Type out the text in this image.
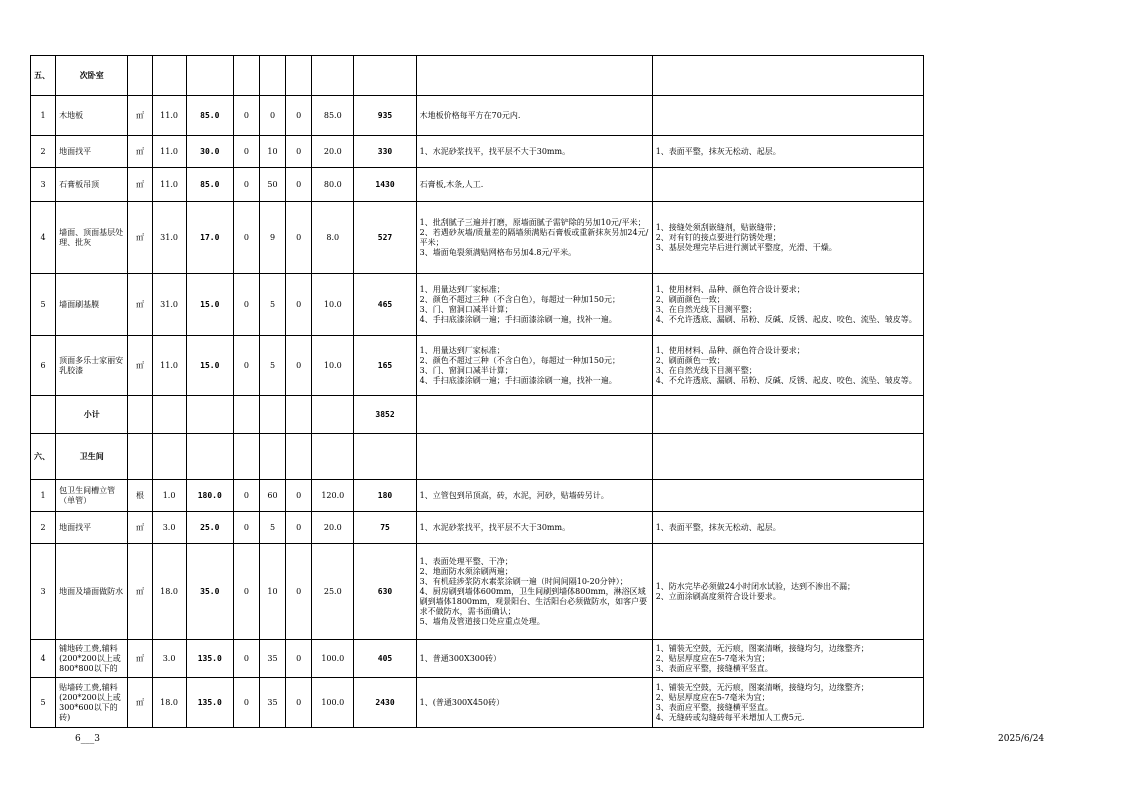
五、	次卧室										
1	木地板	㎡	11.0	85.0	0	0	0	85.0	935	木地板价格每平方在70元内.	
2	地面找平	㎡	11.0	30.0	0	10	0	20.0	330	1、水泥砂浆找平，找平层不大于30mm。	1、表面平整，抹灰无松动、起层。
3	石膏板吊顶	㎡	11.0	85.0	0	50	0	80.0	1430	石膏板,木条,人工.	
4	墙面、顶面基层处理、批灰	㎡	31.0	17.0	0	9	0	8.0	527	1、批刮腻子三遍并打磨，原墙面腻子需铲除的另加10元/平米；
2、若遇砂灰墙/质量差的隔墙须满贴石膏板或重新抹灰另加24元/平米；
3、墙面龟裂须满贴网格布另加4.8元/平米。	1、接缝处须刮嵌缝剂，贴嵌缝带；
2、对有钉的接点要进行防锈处理；
3、基层处理完毕后进行测试平整度，光滑、干燥。
5	墙面刷基膜	㎡	31.0	15.0	0	5	0	10.0	465	1、用量达到厂家标准；
2、颜色不超过三种（不含白色），每超过一种加150元；
3、门、窗洞口减半计算；
4、手扫底漆涂刷一遍；手扫面漆涂刷一遍，找补一遍。	1、使用材料、品种、颜色符合设计要求；
2、刷面颜色一致；
3、在自然光线下目测平整；
4、不允许透底、漏刷、吊粉、反碱、反锈、起皮、咬色、流坠、皱皮等。
6	顶面多乐士家丽安乳胶漆	㎡	11.0	15.0	0	5	0	10.0	165	1、用量达到厂家标准；
2、颜色不超过三种（不含白色），每超过一种加150元；
3、门、窗洞口减半计算；
4、手扫底漆涂刷一遍；手扫面漆涂刷一遍，找补一遍。	1、使用材料、品种、颜色符合设计要求；
2、刷面颜色一致；
3、在自然光线下目测平整；
4、不允许透底、漏刷、吊粉、反碱、反锈、起皮、咬色、流坠、皱皮等。
	小计								3852		
六、	卫生间										
1	包卫生间槽立管（单管）	根	1.0	180.0	0	60	0	120.0	180	1、立管包到吊顶高，砖，水泥，河砂，贴墙砖另计。	
2	地面找平	㎡	3.0	25.0	0	5	0	20.0	75	1、水泥砂浆找平，找平层不大于30mm。	1、表面平整，抹灰无松动、起层。
3	地面及墙面做防水	㎡	18.0	35.0	0	10	0	25.0	630	1、表面处理平整、干净；
2、地面防水须涂刷两遍；
3、有机硅涉浆防水素浆涂刷一遍（时间间隔10-20分钟）；
4、厨房刷到墙体600mm，卫生间刷到墙体800mm，淋浴区域刷到墙体1800mm，观景阳台、生活阳台必须做防水，如客户要求不做防水，需书面确认；
5、墙角及管道接口处应重点处理。	1、防水完毕必须做24小时闭水试验，达到不渗出不漏；
2、立面涂刷高度须符合设计要求。
4	铺地砖工费,辅料(200*200以上或800*800以下的	㎡	3.0	135.0	0	35	0	100.0	405	1、普通300X300砖）	1、铺装无空鼓，无污痕，图案清晰，接缝均匀，边缘整齐；
2、贴层厚度应在5-7毫米为宜；
3、表面应平整，接缝横平竖直。
5	贴墙砖工费,辅料(200*200以上或300*600以下的砖)	㎡	18.0	135.0	0	35	0	100.0	2430	1、(普通300X450砖）	1、铺装无空鼓，无污痕，图案清晰，接缝均匀，边缘整齐；
2、贴层厚度应在5-7毫米为宜；
3、表面应平整，接缝横平竖直。
4、无缝砖或勾缝砖每平米增加人工费5元.
6___3	2025/6/24
